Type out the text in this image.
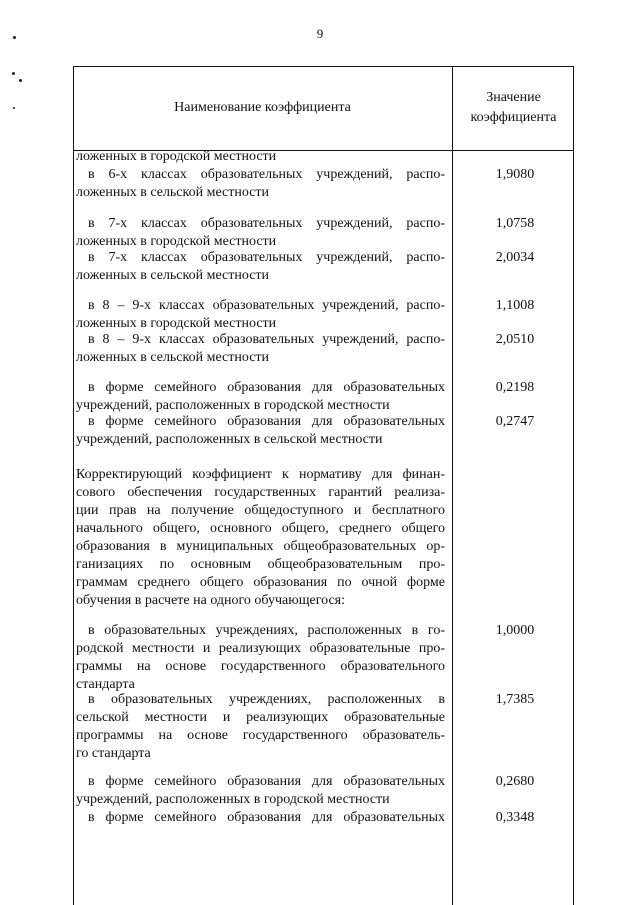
9
Наименование коэффициента
Значение
коэффициента
ложенных в городской местности
в 6-х классах образовательных учреждений, распо-
ложенных в сельской местности
1,9080
в 7-х классах образовательных учреждений, распо-
ложенных в городской местности
1,0758
в 7-х классах образовательных учреждений, распо-
ложенных в сельской местности
2,0034
в 8 – 9-х классах образовательных учреждений, распо-
ложенных в городской местности
1,1008
в 8 – 9-х классах образовательных учреждений, распо-
ложенных в сельской местности
2,0510
в форме семейного образования для образовательных
учреждений, расположенных в городской местности
0,2198
в форме семейного образования для образовательных
учреждений, расположенных в сельской местности
0,2747
Корректирующий коэффициент к нормативу для финан-
сового обеспечения государственных гарантий реализа-
ции прав на получение общедоступного и бесплатного
начального общего, основного общего, среднего общего
образования в муниципальных общеобразовательных ор-
ганизациях по основным общеобразовательным про-
граммам среднего общего образования по очной форме
обучения в расчете на одного обучающегося:
в образовательных учреждениях, расположенных в го-
родской местности и реализующих образовательные про-
граммы на основе государственного образовательного
стандарта
1,0000
в образовательных учреждениях, расположенных в
сельской местности и реализующих образовательные
программы на основе государственного образователь-
го стандарта
1,7385
в форме семейного образования для образовательных
учреждений, расположенных в городской местности
0,2680
в форме семейного образования для образовательных	0,3348
